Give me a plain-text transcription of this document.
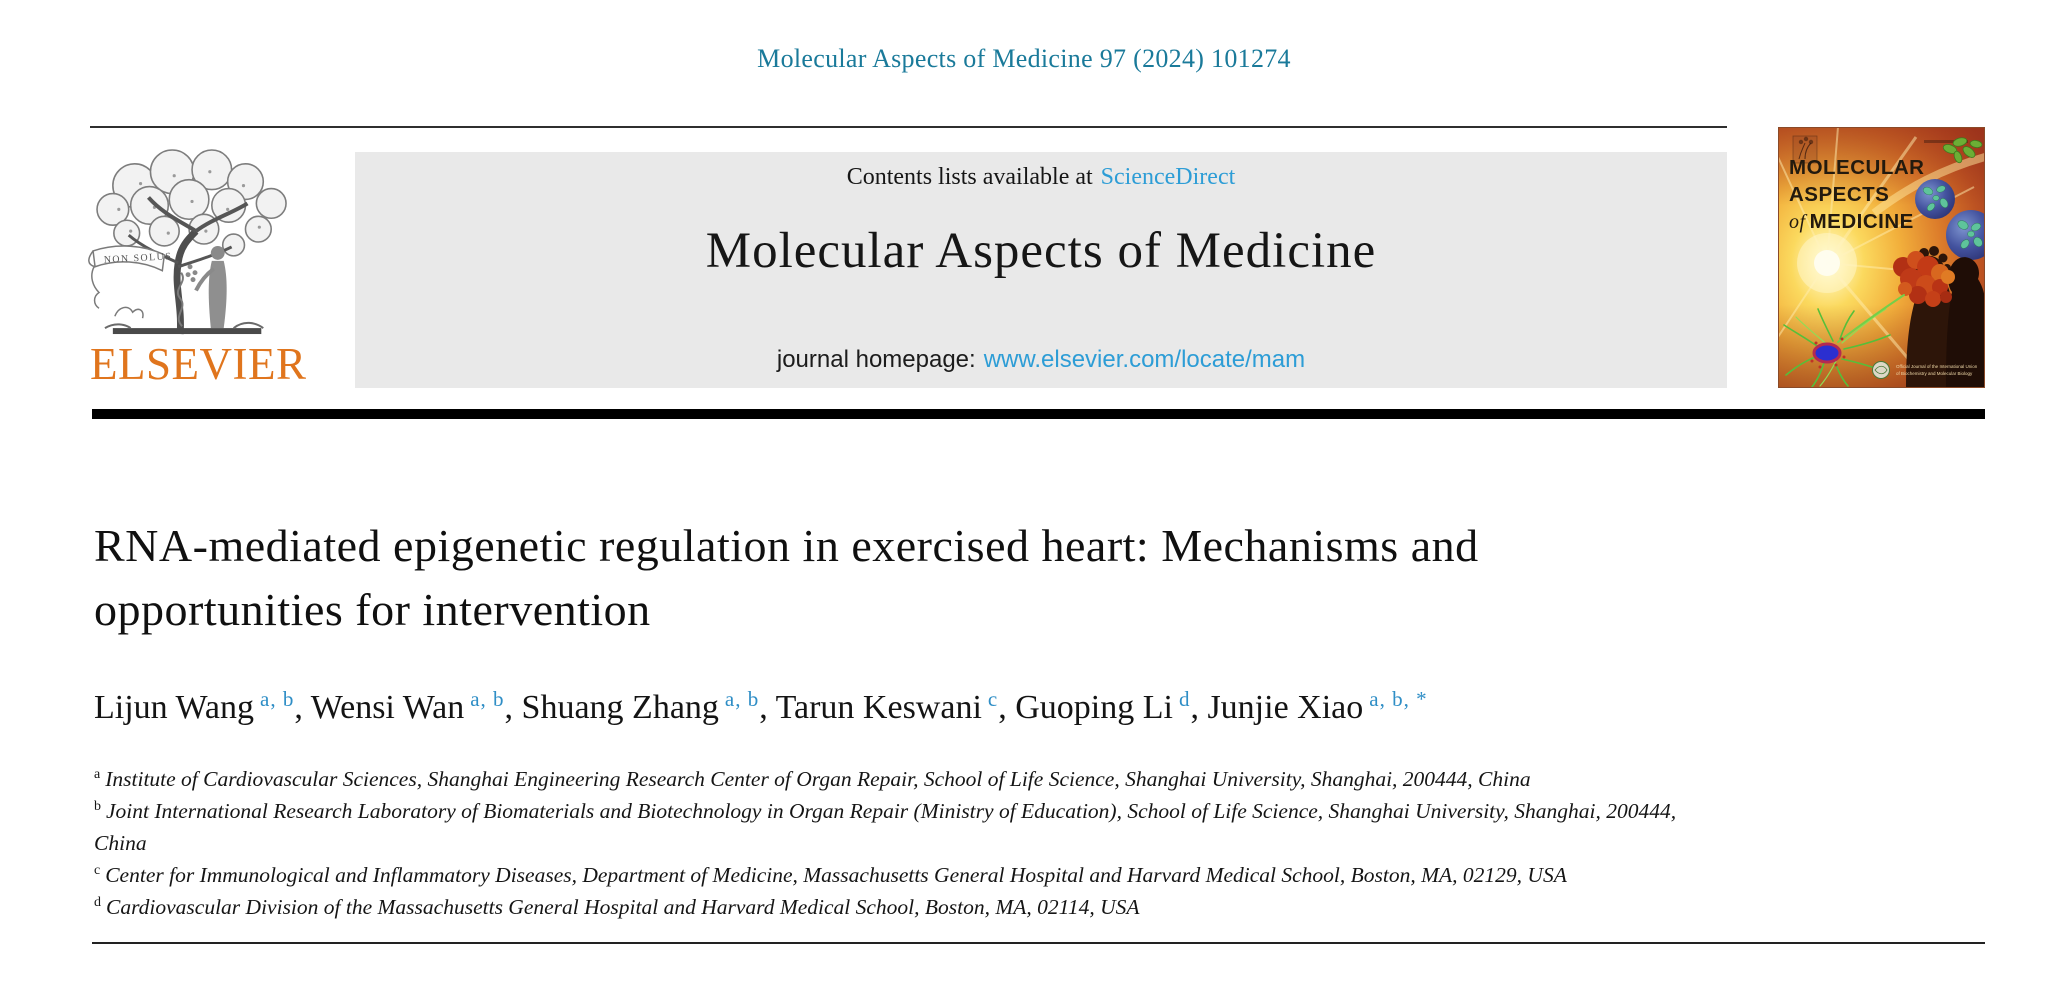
Molecular Aspects of Medicine 97 (2024) 101274
NON SOLUS
ELSEVIER
Contents lists available at ScienceDirect
Molecular Aspects of Medicine
journal homepage: www.elsevier.com/locate/mam
MOLECULAR
ASPECTS
of MEDICINE
Official Journal of the International Union
of Biochemistry and Molecular Biology
RNA-mediated epigenetic regulation in exercised heart: Mechanisms and
opportunities for intervention
Lijun Wang $^{a, b}$, Wensi Wan $^{a, b}$, Shuang Zhang $^{a, b}$, Tarun Keswani $^c$, Guoping Li $^d$, Junjie Xiao $^{a, b, *}$
$^a$ Institute of Cardiovascular Sciences, Shanghai Engineering Research Center of Organ Repair, School of Life Science, Shanghai University, Shanghai, 200444, China
$^b$ Joint International Research Laboratory of Biomaterials and Biotechnology in Organ Repair (Ministry of Education), School of Life Science, Shanghai University, Shanghai, 200444, China
$^c$ Center for Immunological and Inflammatory Diseases, Department of Medicine, Massachusetts General Hospital and Harvard Medical School, Boston, MA, 02129, USA
$^d$ Cardiovascular Division of the Massachusetts General Hospital and Harvard Medical School, Boston, MA, 02114, USA
